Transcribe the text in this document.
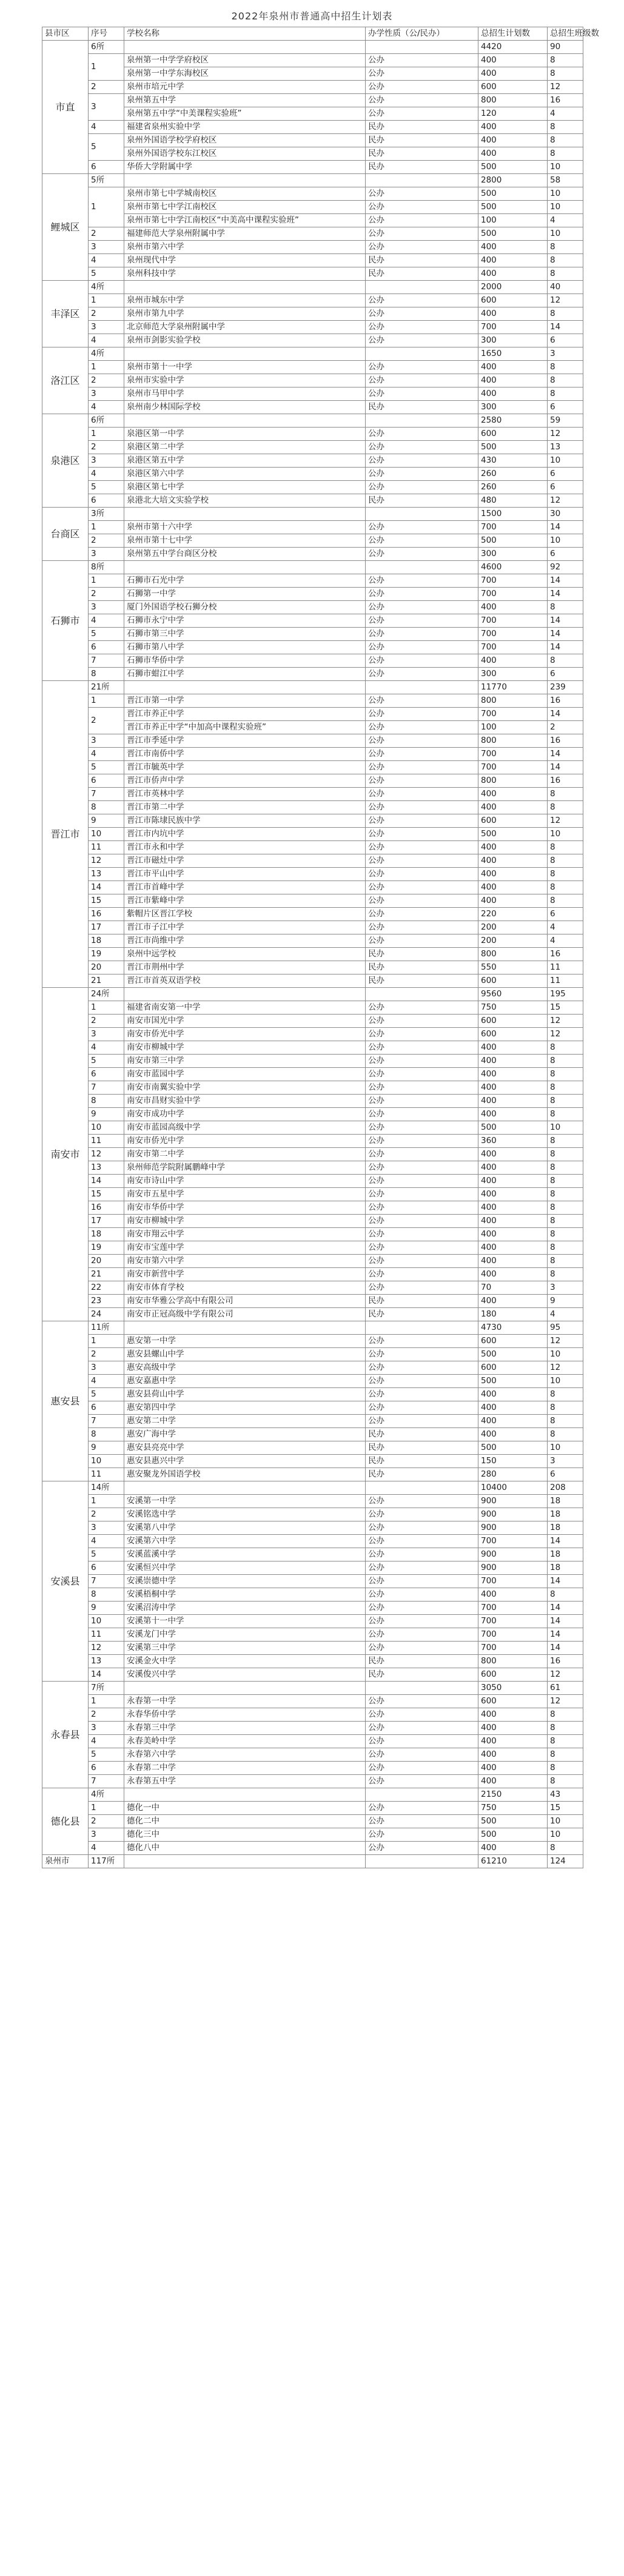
2022年泉州市普通高中招生计划表
县市区	序号	学校名称	办学性质（公/民办）	总招生计划数	总招生班级数
市直	6所			4420	90
	1	泉州第一中学学府校区	公办	400	8
		泉州第一中学东海校区	公办	400	8
	2	泉州市培元中学	公办	600	12
	3	泉州第五中学	公办	800	16
		泉州第五中学“中美课程实验班”	公办	120	4
	4	福建省泉州实验中学	民办	400	8
	5	泉州外国语学校学府校区	民办	400	8
		泉州外国语学校东江校区	民办	400	8
	6	华侨大学附属中学	民办	500	10
鲤城区	5所			2800	58
	1	泉州市第七中学城南校区	公办	500	10
		泉州市第七中学江南校区	公办	500	10
		泉州市第七中学江南校区“中美高中课程实验班”	公办	100	4
	2	福建师范大学泉州附属中学	公办	500	10
	3	泉州市第六中学	公办	400	8
	4	泉州现代中学	民办	400	8
	5	泉州科技中学	民办	400	8
丰泽区	4所			2000	40
	1	泉州市城东中学	公办	600	12
	2	泉州市第九中学	公办	400	8
	3	北京师范大学泉州附属中学	公办	700	14
	4	泉州市剑影实验学校	公办	300	6
洛江区	4所			1650	3
	1	泉州市第十一中学	公办	400	8
	2	泉州市实验中学	公办	400	8
	3	泉州市马甲中学	公办	400	8
	4	泉州南少林国际学校	民办	300	6
泉港区	6所			2580	59
	1	泉港区第一中学	公办	600	12
	2	泉港区第二中学	公办	500	13
	3	泉港区第五中学	公办	430	10
	4	泉港区第六中学	公办	260	6
	5	泉港区第七中学	公办	260	6
	6	泉港北大培文实验学校	民办	480	12
台商区	3所			1500	30
	1	泉州市第十六中学	公办	700	14
	2	泉州市第十七中学	公办	500	10
	3	泉州第五中学台商区分校	公办	300	6
石狮市	8所			4600	92
	1	石狮市石光中学	公办	700	14
	2	石狮第一中学	公办	700	14
	3	厦门外国语学校石狮分校	公办	400	8
	4	石狮市永宁中学	公办	700	14
	5	石狮市第三中学	公办	700	14
	6	石狮市第八中学	公办	700	14
	7	石狮市华侨中学	公办	400	8
	8	石狮市蚶江中学	公办	300	6
晋江市	21所			11770	239
	1	晋江市第一中学	公办	800	16
	2	晋江市养正中学	公办	700	14
		晋江市养正中学“中加高中课程实验班”	公办	100	2
	3	晋江市季延中学	公办	800	16
	4	晋江市南侨中学	公办	700	14
	5	晋江市毓英中学	公办	700	14
	6	晋江市侨声中学	公办	800	16
	7	晋江市英林中学	公办	400	8
	8	晋江市第二中学	公办	400	8
	9	晋江市陈埭民族中学	公办	600	12
	10	晋江市内坑中学	公办	500	10
	11	晋江市永和中学	公办	400	8
	12	晋江市磁灶中学	公办	400	8
	13	晋江市平山中学	公办	400	8
	14	晋江市首峰中学	公办	400	8
	15	晋江市紫峰中学	公办	400	8
	16	紫帽片区晋江学校	公办	220	6
	17	晋江市子江中学	公办	200	4
	18	晋江市尚维中学	公办	200	4
	19	泉州中远学校	民办	800	16
	20	晋江市荆州中学	民办	550	11
	21	晋江市首英双语学校	民办	600	11
南安市	24所			9560	195
	1	福建省南安第一中学	公办	750	15
	2	南安市国光中学	公办	600	12
	3	南安市侨光中学	公办	600	12
	4	南安市柳城中学	公办	400	8
	5	南安市第三中学	公办	400	8
	6	南安市蓝园中学	公办	400	8
	7	南安市南翼实验中学	公办	400	8
	8	南安市昌财实验中学	公办	400	8
	9	南安市成功中学	公办	400	8
	10	南安市蓝园高级中学	公办	500	10
	11	南安市侨光中学	公办	360	8
	12	南安市第二中学	公办	400	8
	13	泉州师范学院附属鹏峰中学	公办	400	8
	14	南安市诗山中学	公办	400	8
	15	南安市五星中学	公办	400	8
	16	南安市华侨中学	公办	400	8
	17	南安市柳城中学	公办	400	8
	18	南安市翔云中学	公办	400	8
	19	南安市宝莲中学	公办	400	8
	20	南安市第六中学	公办	400	8
	21	南安市新营中学	公办	400	8
	22	南安市体育学校	公办	70	3
	23	南安市华雅公学高中有限公司	民办	400	9
	24	南安市正冠高级中学有限公司	民办	180	4
惠安县	11所			4730	95
	1	惠安第一中学	公办	600	12
	2	惠安县螺山中学	公办	500	10
	3	惠安高级中学	公办	600	12
	4	惠安嘉惠中学	公办	500	10
	5	惠安县荷山中学	公办	400	8
	6	惠安第四中学	公办	400	8
	7	惠安第二中学	公办	400	8
	8	惠安广海中学	民办	400	8
	9	惠安县亮亮中学	民办	500	10
	10	惠安县惠兴中学	民办	150	3
	11	惠安聚龙外国语学校	民办	280	6
安溪县	14所			10400	208
	1	安溪第一中学	公办	900	18
	2	安溪铭选中学	公办	900	18
	3	安溪第八中学	公办	900	18
	4	安溪第六中学	公办	700	14
	5	安溪蓝溪中学	公办	900	18
	6	安溪恒兴中学	公办	900	18
	7	安溪崇德中学	公办	700	14
	8	安溪梧桐中学	公办	400	8
	9	安溪沼涛中学	公办	700	14
	10	安溪第十一中学	公办	700	14
	11	安溪龙门中学	公办	700	14
	12	安溪第三中学	公办	700	14
	13	安溪金火中学	民办	800	16
	14	安溪俊兴中学	民办	600	12
永春县	7所			3050	61
	1	永春第一中学	公办	600	12
	2	永春华侨中学	公办	400	8
	3	永春第三中学	公办	400	8
	4	永春美岭中学	公办	400	8
	5	永春第六中学	公办	400	8
	6	永春第二中学	公办	400	8
	7	永春第五中学	公办	400	8
德化县	4所			2150	43
	1	德化一中	公办	750	15
	2	德化二中	公办	500	10
	3	德化三中	公办	500	10
	4	德化八中	公办	400	8
泉州市	117所			61210	124
